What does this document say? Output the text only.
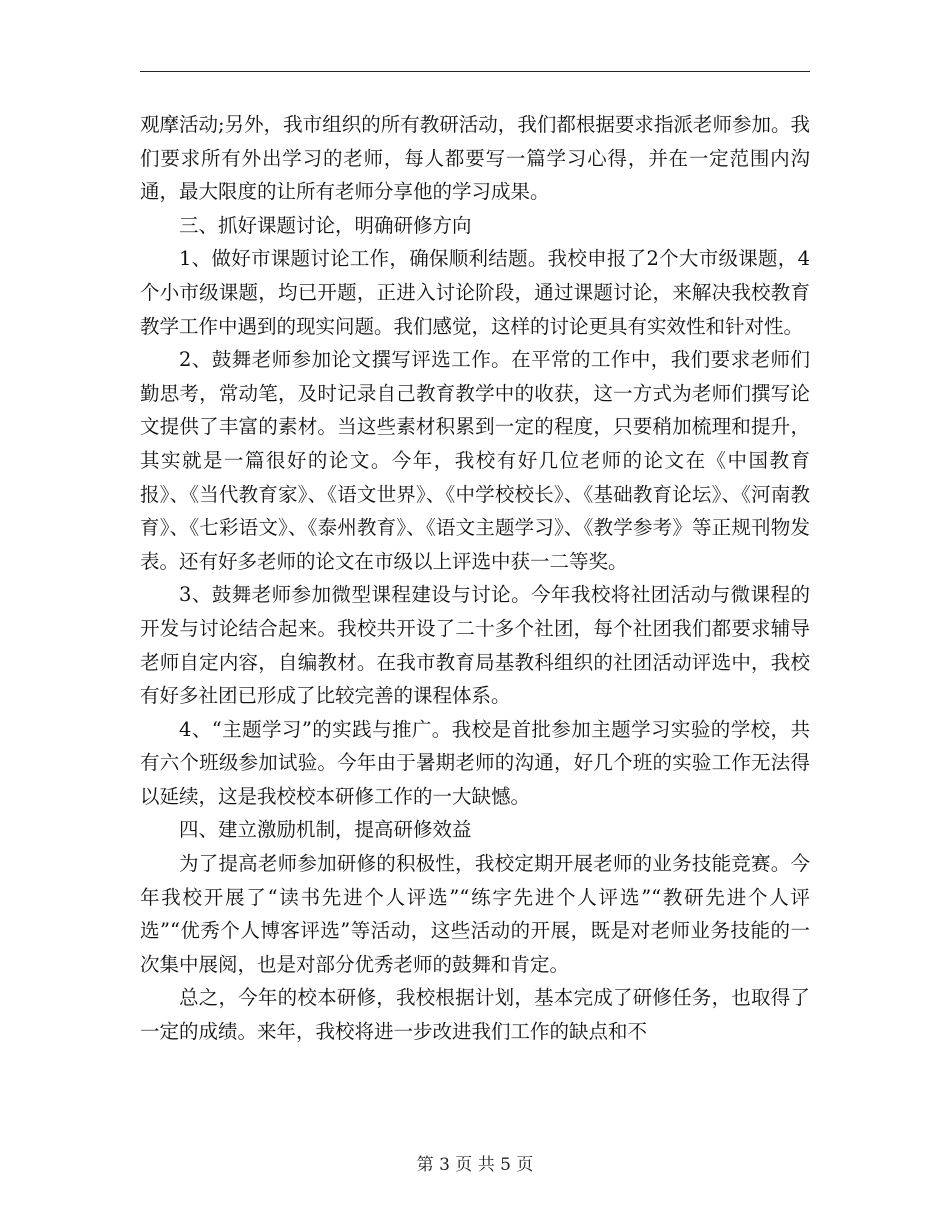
观摩活动;另外，我市组织的所有教研活动，我们都根据要求指派老师参加。我们要求所有外出学习的老师，每人都要写一篇学习心得，并在一定范围内沟通，最大限度的让所有老师分享他的学习成果。

三、抓好课题讨论，明确研修方向

1、做好市课题讨论工作，确保顺利结题。我校申报了2个大市级课题，4个小市级课题，均已开题，正进入讨论阶段，通过课题讨论，来解决我校教育教学工作中遇到的现实问题。我们感觉，这样的讨论更具有实效性和针对性。

2、鼓舞老师参加论文撰写评选工作。在平常的工作中，我们要求老师们勤思考，常动笔，及时记录自己教育教学中的收获，这一方式为老师们撰写论文提供了丰富的素材。当这些素材积累到一定的程度，只要稍加梳理和提升，其实就是一篇很好的论文。今年，我校有好几位老师的论文在《中国教育报》、《当代教育家》、《语文世界》、《中学校校长》、《基础教育论坛》、《河南教育》、《七彩语文》、《泰州教育》、《语文主题学习》、《教学参考》等正规刊物发表。还有好多老师的论文在市级以上评选中获一二等奖。

3、鼓舞老师参加微型课程建设与讨论。今年我校将社团活动与微课程的开发与讨论结合起来。我校共开设了二十多个社团，每个社团我们都要求辅导老师自定内容，自编教材。在我市教育局基教科组织的社团活动评选中，我校有好多社团已形成了比较完善的课程体系。

4、“主题学习”的实践与推广。我校是首批参加主题学习实验的学校，共有六个班级参加试验。今年由于暑期老师的沟通，好几个班的实验工作无法得以延续，这是我校校本研修工作的一大缺憾。

四、建立激励机制，提高研修效益

为了提高老师参加研修的积极性，我校定期开展老师的业务技能竞赛。今年我校开展了“读书先进个人评选”“练字先进个人评选”“教研先进个人评选”“优秀个人博客评选”等活动，这些活动的开展，既是对老师业务技能的一次集中展阅，也是对部分优秀老师的鼓舞和肯定。

总之，今年的校本研修，我校根据计划，基本完成了研修任务，也取得了一定的成绩。来年，我校将进一步改进我们工作的缺点和不

第 3 页 共 5 页
